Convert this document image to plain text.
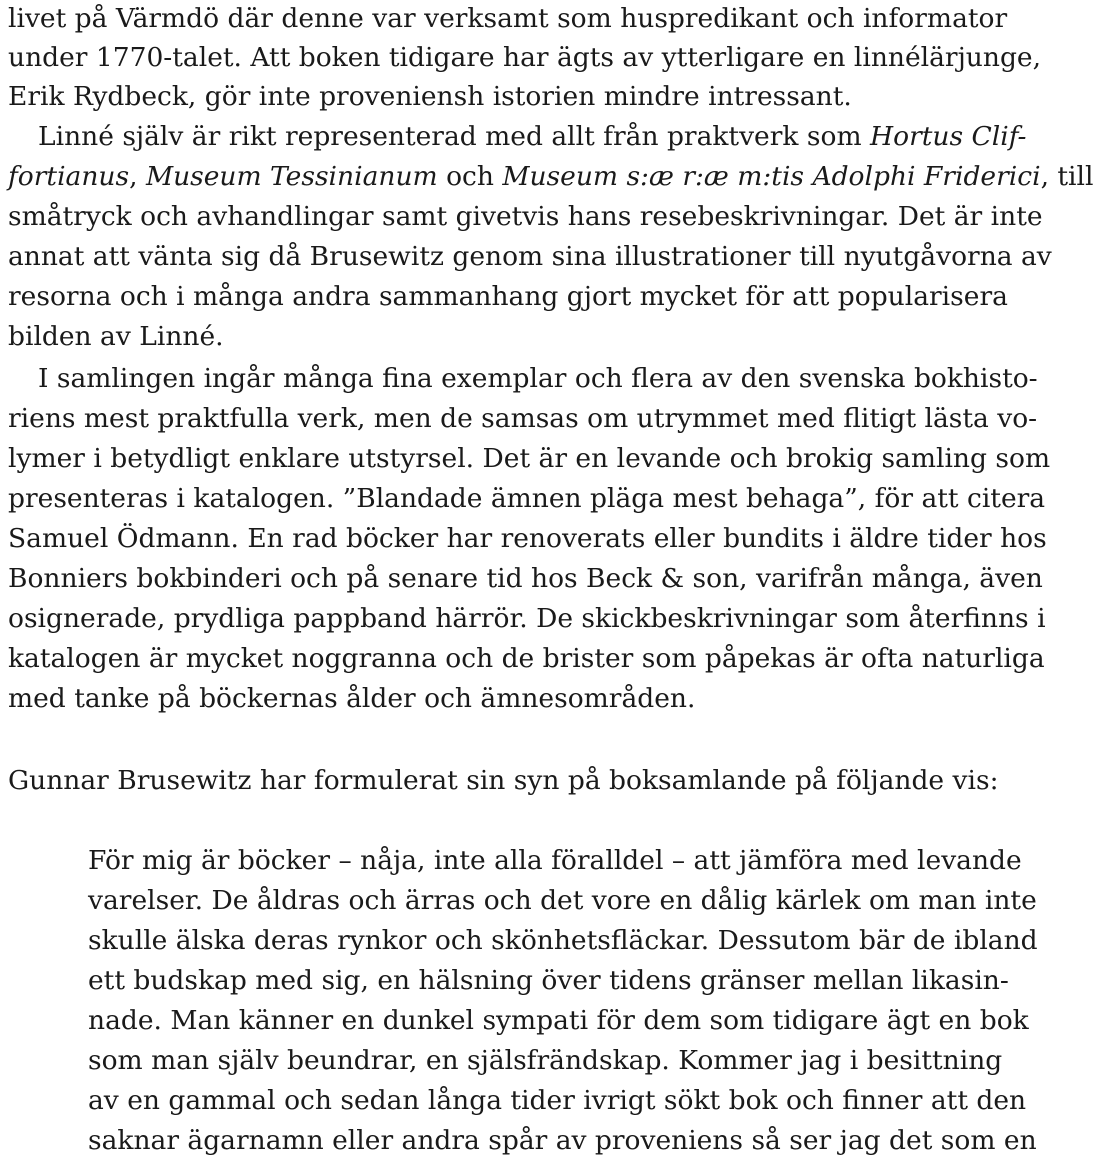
livet på Värmdö där denne var verksamt som huspredikant och informator
under 1770-talet. Att boken tidigare har ägts av ytterligare en linnélärjunge,
Erik Rydbeck, gör inte proveniensh istorien mindre intressant.
Linné själv är rikt representerad med allt från praktverk som Hortus Clif-
fortianus, Museum Tessinianum och Museum s:æ r:æ m:tis Adolphi Friderici, till
småtryck och avhandlingar samt givetvis hans resebeskrivningar. Det är inte
annat att vänta sig då Brusewitz genom sina illustrationer till nyutgåvorna av
resorna och i många andra sammanhang gjort mycket för att popularisera
bilden av Linné.
I samlingen ingår många fina exemplar och flera av den svenska bokhisto-
riens mest praktfulla verk, men de samsas om utrymmet med flitigt lästa vo-
lymer i betydligt enklare utstyrsel. Det är en levande och brokig samling som
presenteras i katalogen. ”Blandade ämnen pläga mest behaga”, för att citera
Samuel Ödmann. En rad böcker har renoverats eller bundits i äldre tider hos
Bonniers bokbinderi och på senare tid hos Beck & son, varifrån många, även
osignerade, prydliga pappband härrör. De skickbeskrivningar som återfinns i
katalogen är mycket noggranna och de brister som påpekas är ofta naturliga
med tanke på böckernas ålder och ämnesområden.
Gunnar Brusewitz har formulerat sin syn på boksamlande på följande vis:
För mig är böcker – nåja, inte alla föralldel – att jämföra med levande
varelser. De åldras och ärras och det vore en dålig kärlek om man inte
skulle älska deras rynkor och skönhetsfläckar. Dessutom bär de ibland
ett budskap med sig, en hälsning över tidens gränser mellan likasin-
nade. Man känner en dunkel sympati för dem som tidigare ägt en bok
som man själv beundrar, en själsfrändskap. Kommer jag i besittning
av en gammal och sedan långa tider ivrigt sökt bok och finner att den
saknar ägarnamn eller andra spår av proveniens så ser jag det som en
